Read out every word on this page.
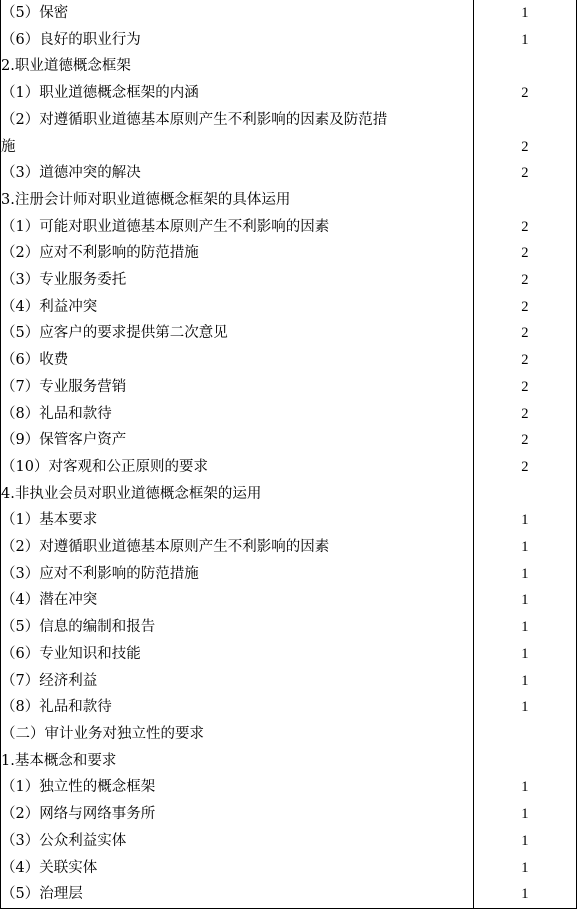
（5）保密	1
（6）良好的职业行为	1
2.职业道德概念框架	
（1）职业道德概念框架的内涵	2
（2）对遵循职业道德基本原则产生不利影响的因素及防范措	
施	2
（3）道德冲突的解决	2
3.注册会计师对职业道德概念框架的具体运用	
（1）可能对职业道德基本原则产生不利影响的因素	2
（2）应对不利影响的防范措施	2
（3）专业服务委托	2
（4）利益冲突	2
（5）应客户的要求提供第二次意见	2
（6）收费	2
（7）专业服务营销	2
（8）礼品和款待	2
（9）保管客户资产	2
（10）对客观和公正原则的要求	2
4.非执业会员对职业道德概念框架的运用	
（1）基本要求	1
（2）对遵循职业道德基本原则产生不利影响的因素	1
（3）应对不利影响的防范措施	1
（4）潜在冲突	1
（5）信息的编制和报告	1
（6）专业知识和技能	1
（7）经济利益	1
（8）礼品和款待	1
（二）审计业务对独立性的要求	
1.基本概念和要求	
（1）独立性的概念框架	1
（2）网络与网络事务所	1
（3）公众利益实体	1
（4）关联实体	1
（5）治理层	1
